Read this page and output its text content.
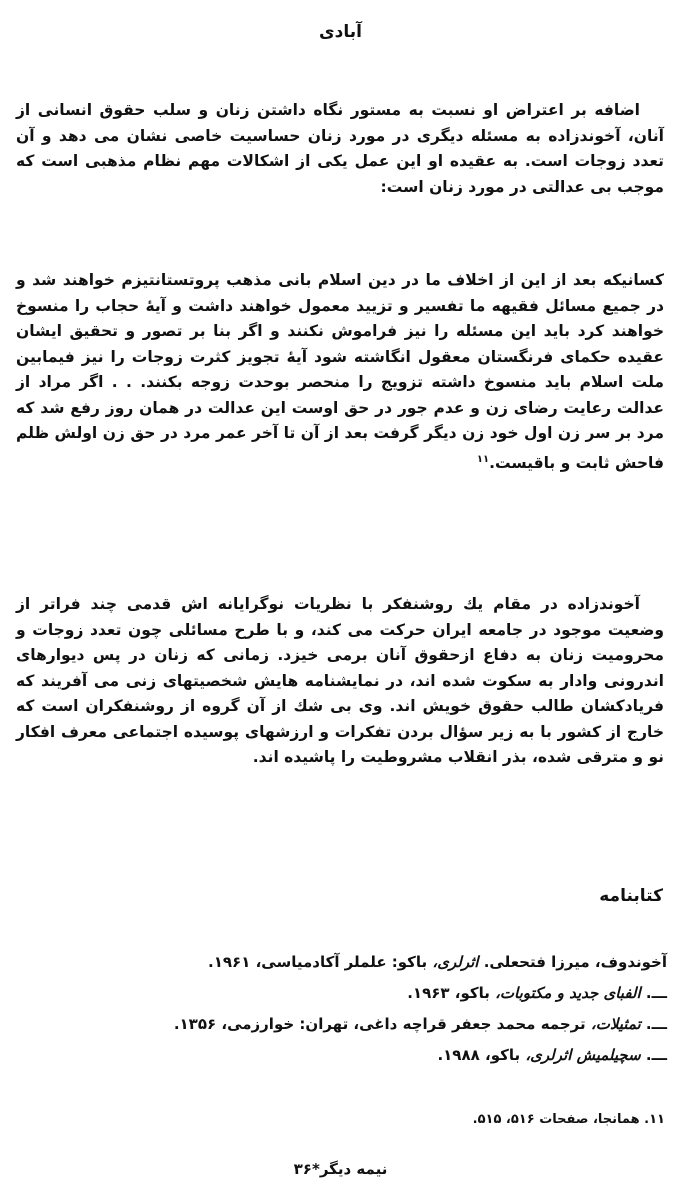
آبادی
اضافه بر اعتراض او نسبت به مستور نگاه داشتن زنان و سلب حقوق انسانی از آنان، آخوندزاده به مسئله دیگری در مورد زنان حساسیت خاصی نشان می دهد و آن تعدد زوجات است. به عقیده او این عمل یکی از اشکالات مهم نظام مذهبی است که موجب بی عدالتی در مورد زنان است:
کسانیکه بعد از این از اخلاف ما در دین اسلام بانی مذهب پروتستانتیزم خواهند شد و در جمیع مسائل فقیهه ما تفسیر و تزیید معمول خواهند داشت و آیهٔ حجاب را منسوخ خواهند کرد باید این مسئله را نیز فراموش نکنند و اگر بنا بر تصور و تحقیق ایشان عقیده حکمای فرنگستان معقول انگاشته شود آیهٔ تجویز کثرت زوجات را نیز فیمابین ملت اسلام باید منسوخ داشته تزویج را منحصر بوحدت زوجه بکنند. . . اگر مراد از عدالت رعایت رضای زن و عدم جور در حق اوست این عدالت در همان روز رفع شد که مرد بر سر زن اول خود زن دیگر گرفت بعد از آن تا آخر عمر مرد در حق زن اولش ظلم فاحش ثابت و باقیست.$^{۱۱}$
آخوندزاده در مقام یك روشنفکر با نظریات نوگرایانه اش قدمی چند فراتر از وضعیت موجود در جامعه ایران حرکت می کند، و با طرح مسائلی چون تعدد زوجات و محرومیت زنان به دفاع ازحقوق آنان برمی خیزد. زمانی که زنان در پس دیوارهای اندرونی وادار به سکوت شده اند، در نمایشنامه هایش شخصیتهای زنی می آفریند که فریادکشان طالب حقوق خویش اند. وی بی شك از آن گروه از روشنفکران است که خارج از کشور با به زیر سؤال بردن تفکرات و ارزشهای پوسیده اجتماعی معرف افکار نو و مترقی شده، بذر انقلاب مشروطیت را پاشیده اند.
کتابنامه
آخوندوف، میرزا فتحعلی. اثرلری، باکو: علملر آکادمیاسی، ۱۹۶۱.
ـــ. الفبای جدید و مکتوبات، باکو، ۱۹۶۳.
ـــ. تمثیلات، ترجمه محمد جعفر قراچه داغی، تهران: خوارزمی، ۱۳۵۶.
ـــ. سچیلمیش اثرلری، باکو، ۱۹۸۸.
۱۱. همانجا، صفحات ۵۱۶، ۵۱۵.
نیمه دیگر*۳۶
